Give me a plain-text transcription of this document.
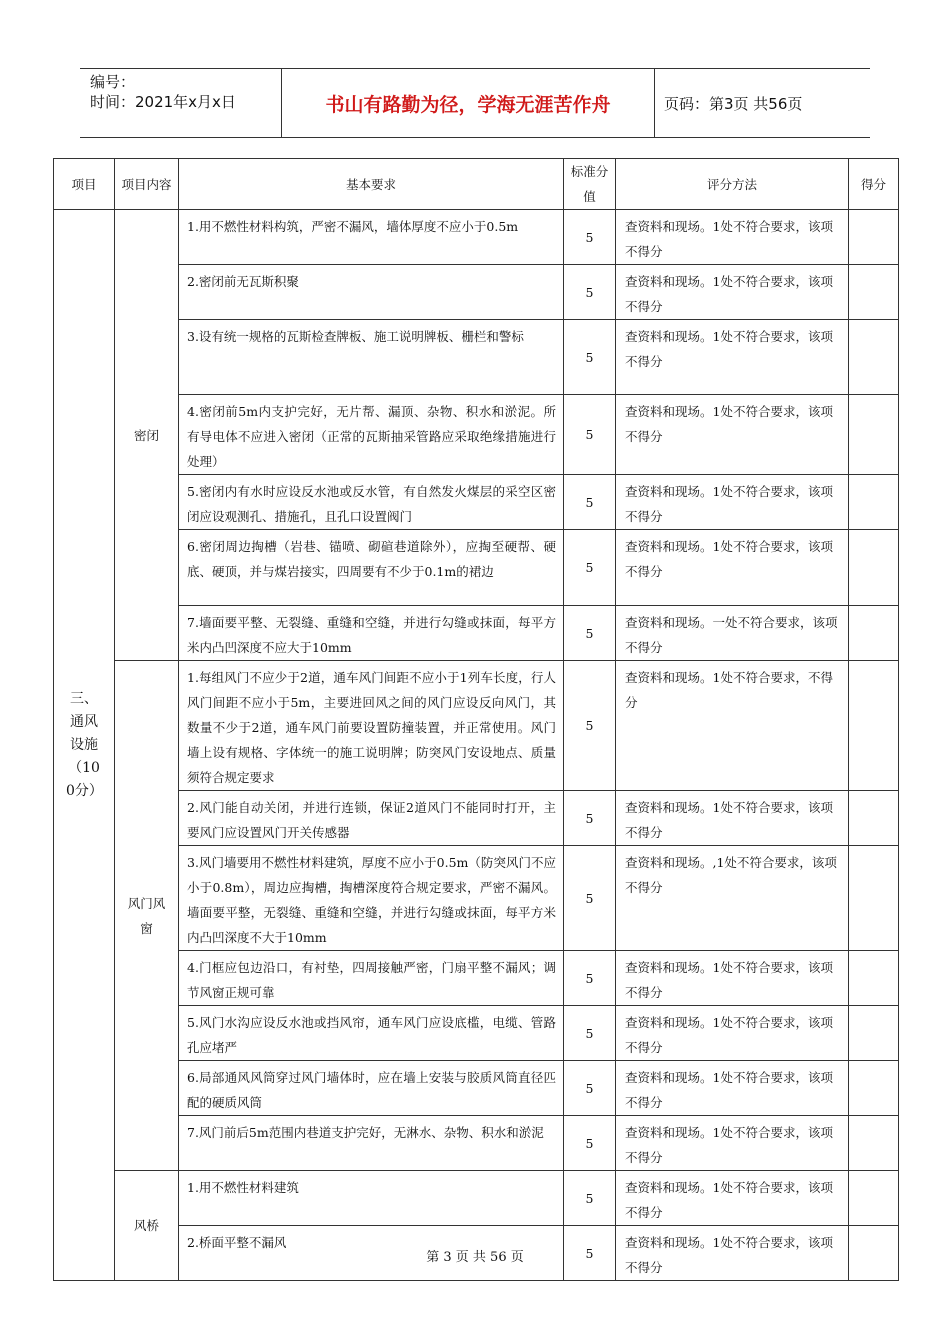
编号：
时间：2021年x月x日	书山有路勤为径，学海无涯苦作舟	页码：第3页 共56页
项目	项目内容	基本要求	标准分值	评分方法	得分

三、通风设施（100分）	密闭	1.用不燃性材料构筑，严密不漏风，墙体厚度不应小于0.5m	5	查资料和现场。1处不符合要求，该项不得分	
		2.密闭前无瓦斯积聚	5	查资料和现场。1处不符合要求，该项不得分	
		3.设有统一规格的瓦斯检查牌板、施工说明牌板、栅栏和警标	5	查资料和现场。1处不符合要求，该项不得分	
		4.密闭前5m内支护完好，无片帮、漏顶、杂物、积水和淤泥。所有导电体不应进入密闭（正常的瓦斯抽采管路应采取绝缘措施进行处理）	5	查资料和现场。1处不符合要求，该项不得分	
		5.密闭内有水时应设反水池或反水管，有自然发火煤层的采空区密闭应设观测孔、措施孔，且孔口设置阀门	5	查资料和现场。1处不符合要求，该项不得分	
		6.密闭周边掏槽（岩巷、锚喷、砌碹巷道除外），应掏至硬帮、硬底、硬顶，并与煤岩接实，四周要有不少于0.1m的裙边	5	查资料和现场。1处不符合要求，该项不得分	
		7.墙面要平整、无裂缝、重缝和空缝，并进行勾缝或抹面，每平方米内凸凹深度不应大于10mm	5	查资料和现场。一处不符合要求，该项不得分	
	风门风窗	1.每组风门不应少于2道，通车风门间距不应小于1列车长度，行人风门间距不应小于5m，主要进回风之间的风门应设反向风门，其数量不少于2道，通车风门前要设置防撞装置，并正常使用。风门墙上设有规格、字体统一的施工说明牌；防突风门安设地点、质量须符合规定要求	5	查资料和现场。1处不符合要求，不得分	
		2.风门能自动关闭，并进行连锁，保证2道风门不能同时打开，主要风门应设置风门开关传感器	5	查资料和现场。1处不符合要求，该项不得分	
		3.风门墙要用不燃性材料建筑，厚度不应小于0.5m（防突风门不应小于0.8m），周边应掏槽，掏槽深度符合规定要求，严密不漏风。墙面要平整，无裂缝、重缝和空缝，并进行勾缝或抹面，每平方米内凸凹深度不大于10mm	5	查资料和现场。,1处不符合要求，该项不得分	
		4.门框应包边沿口，有衬垫，四周接触严密，门扇平整不漏风；调节风窗正规可靠	5	查资料和现场。1处不符合要求，该项不得分	
		5.风门水沟应设反水池或挡风帘，通车风门应设底槛，电缆、管路孔应堵严	5	查资料和现场。1处不符合要求，该项不得分	
		6.局部通风风筒穿过风门墙体时，应在墙上安装与胶质风筒直径匹配的硬质风筒	5	查资料和现场。1处不符合要求，该项不得分	
		7.风门前后5m范围内巷道支护完好，无淋水、杂物、积水和淤泥	5	查资料和现场。1处不符合要求，该项不得分	
	风桥	1.用不燃性材料建筑	5	查资料和现场。1处不符合要求，该项不得分	
		2.桥面平整不漏风	5	查资料和现场。1处不符合要求，该项不得分	
第 3 页 共 56 页
